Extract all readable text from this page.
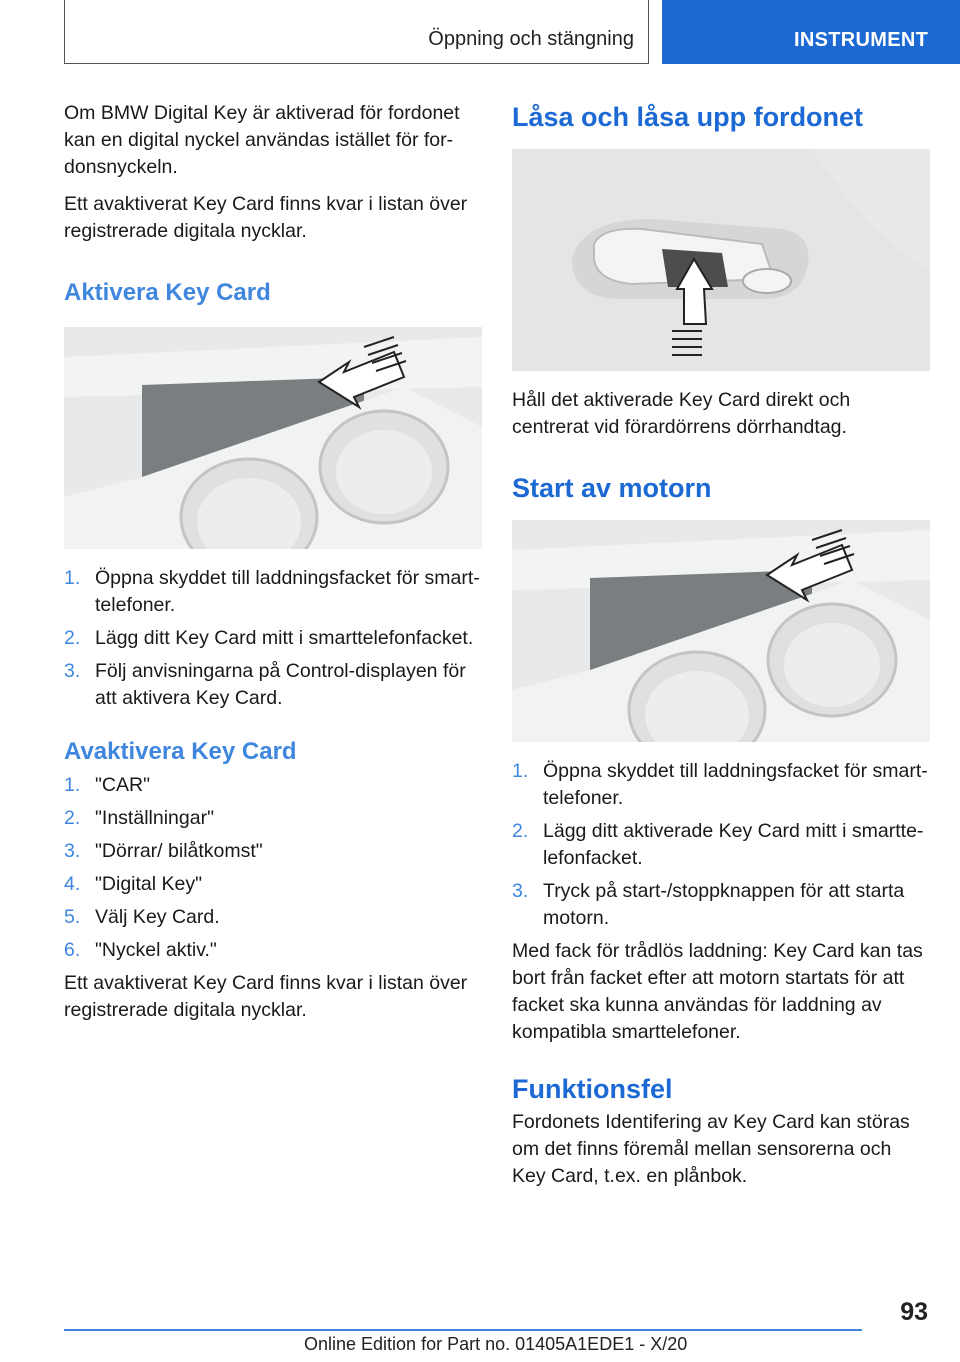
Öppning och stängning	INSTRUMENT

Om BMW Digital Key är aktiverad för fordonet kan en digital nyckel användas istället för fordonsnyckeln.

Ett avaktiverat Key Card finns kvar i listan över registrerade digitala nycklar.

Aktivera Key Card
1. Öppna skyddet till laddningsfacket för smarttelefoner.
2. Lägg ditt Key Card mitt i smarttelefonfacket.
3. Följ anvisningarna på Control-displayen för att aktivera Key Card.
Avaktivera Key Card
1. "CAR"
2. "Inställningar"
3. "Dörrar/ bilåtkomst"
4. "Digital Key"
5. Välj Key Card.
6. "Nyckel aktiv."

Ett avaktiverat Key Card finns kvar i listan över registrerade digitala nycklar.

Låsa och låsa upp fordonet

Håll det aktiverade Key Card direkt och centrerat vid förardörrens dörrhandtag.

Start av motorn
1. Öppna skyddet till laddningsfacket för smarttelefoner.
2. Lägg ditt aktiverade Key Card mitt i smarttelefonfacket.
3. Tryck på start-/stoppknappen för att starta motorn.

Med fack för trådlös laddning: Key Card kan tas bort från facket efter att motorn startats för att facket ska kunna användas för laddning av kompatibla smarttelefoner.

Funktionsfel

Fordonets Identifering av Key Card kan störas om det finns föremål mellan sensorerna och Key Card, t.ex. en plånbok.

93
Online Edition for Part no. 01405A1EDE1 - X/20
